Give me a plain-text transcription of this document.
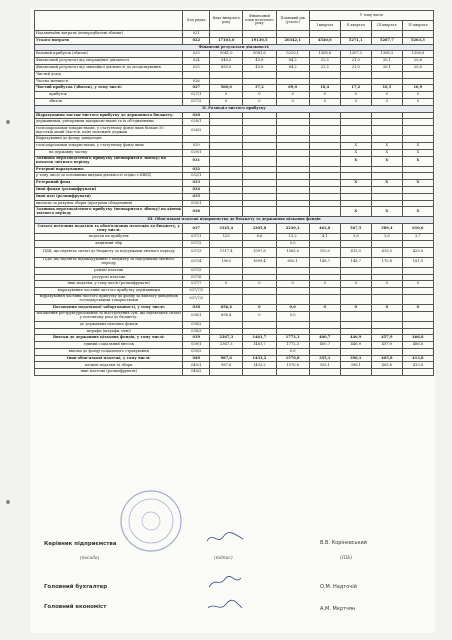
	Код рядка	Факт минулого року	Фінансовий план поточного року	Плановий рік (усього)	У тому числі			
					I квартал	II квартал	III квартал	IV квартал
Надзвичайні витрати (непередбачені збитки)	021							
Усього витрати	022	17103,0	19130,5	20342,1	4540,0	5271,1	5267,7	5263,3
Фінансові результати діяльності:								
Валовий прибуток (збиток)	023	5041,0	5081,6	5229,1	1308,8	1307,2	1306,3	1306,8
Фінансовий результат від операційної діяльності	024	540,0	45,8	84,2	22,5	21,0	20,1	20,6
Фінансовий результат від звичайної діяльності до оподаткування	025	683,0	45,8	84,2	22,5	21,0	20,1	20,6
Чистий дохід								
Частка меншості	026							
Чистий прибуток (збиток), у тому числі:	027	560,0	37,2	69,0	18,4	17,2	16,5	16,9
прибуток	027/1	0	0	0	0	0	0	0
збиток	027/2	0	0	0	0	0	0	0
II. Розподіл чистого прибутку								
Відрахування частки чистого прибутку до державного бюджету:	028							
державними, унітарними підприємствами та їх об'єднаннями	028/1							
господарськими товариствами, у статутному фонді яких більше 50 відсотків акцій (часток, паїв) належить державі	028/2							
Відрахування до фонду дивідендів:								
господарськими товариствами, у статутному фонді яких	029					X	X	X
на державну частку	029/1					X	X	X
Залишок нерозподіленого прибутку (непокритого збитку) на початок звітного періоду	031					X	X	X
Резервні нарахування:	032							
у тому числі за основними видами діяльності згідно з КВЕД	032/1							
Резервний фонд	033					X	X	X
Інші фонди (розшифрувати)	034							
Інші цілі (розшифрувати)	035							
виплати за рахунок зборів (програми обладнання)	035/1							
Залишок нерозподіленого прибутку (непокритого збитку) на кінець звітного періоду	036					X	X	X
III. Обов'язкові платежі підприємства до бюджету та державних цільових фондів								
Сплата поточних податків та обов'язкових платежів до бюджету, у тому числі:	037	3345,4	3305,8	2230,3	462,8	567,5	589,4	610,6
податок на прибуток	037/1	125	8,6	15,2	4,1	3,8	3,6	3,7
акцизний збір	037/2			0,0				
ПДВ, що підлягає сплаті до бюджету за підсумками звітного періоду	037/3	1317,4	1597,8	1565,0	310,0	415,0	415,0	425,0
ПДВ, що підлягає відшкодуванню з бюджету за підсумками звітного періоду	037/4	1903	1699,4	650,1	148,7	148,7	170,8	181,9
рентні платежі	037/5							
ресурсні платежі	037/6							
інші податки, у тому числі (розшифрувати)	037/7	0	0	0	0	0	0	0
відрахування частини чистого прибутку державними	037/7/1							
відрахування частини чистого прибутку до фонду за виплату дивідендів господарськими товариствами	037/7/2							
Погашення податкової заборгованості, у тому числі:	038	656,4	0	0,0	0	0	0	0
погашення реструктуризованих та відстрочених сум, що підлягають сплаті у поточному році до бюджету:	038/1	656,4	0	0,0				
до державних цільових фондів	038/2							
штрафи (штрафи, пені)	038/3							
Внески до державних цільових фондів, у тому числі:	039	2367,3	1461,7	1772,3	400,7	446,9	457,9	466,8
єдиний соціальний внесок	039/1	2367,3	1461,7	1772,3	400,7	446,9	457,9	466,8
внески до фонду соціального страхування	039/2			0,0				
Інші обов'язкові платежі, у тому числі:	040	987,6	1433,2	1570,8	355,1	396,1	405,8	413,8
місцеві податки та збори	040/1	987,6	1433,2	1570,8	355,1	396,1	405,8	413,8
інші платежі (розшифрувати)	040/2							
Керівник підприємства
(посада)	(підпис)
В.В. Корінєвський
(ПІБ)
Головний бухгалтер	О.М. Надточій
Головний економіст	А.М. Мкртчян
